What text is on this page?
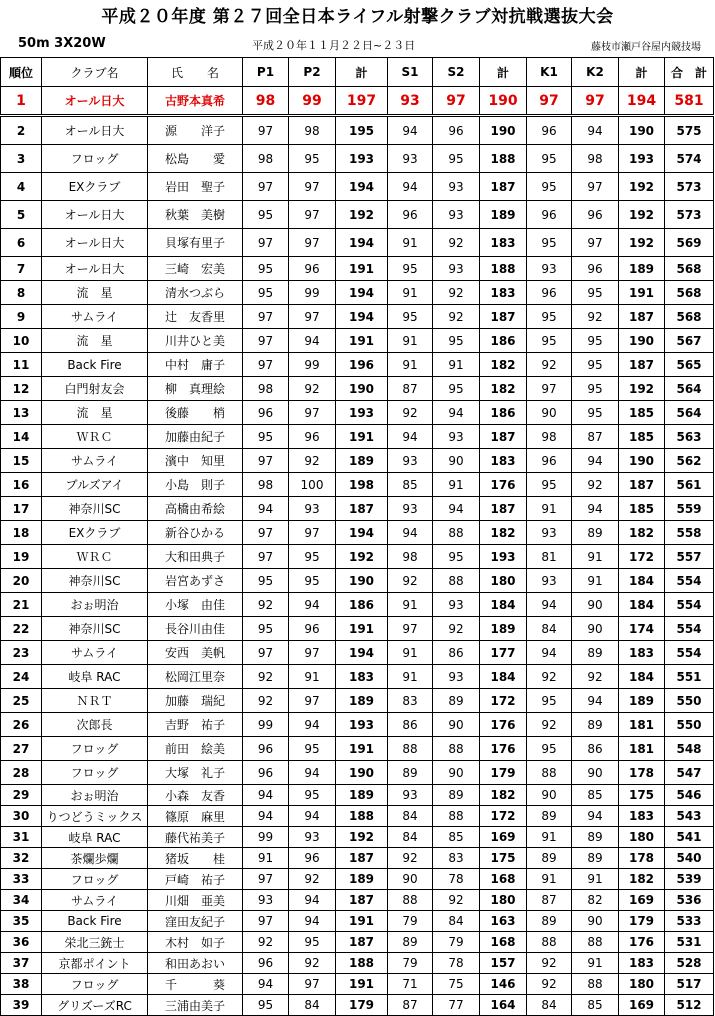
平成２０年度 第２７回全日本ライフル射撃クラブ対抗戦選抜大会
50m 3X20W	平成２０年１１月２２日~２３日	藤枝市瀬戸谷屋内競技場
順位	クラブ名	氏　　名	P1	P2	計	S1	S2	計	K1	K2	計	合　計
1	オール日大	古野本真希	98	99	197	93	97	190	97	97	194	581
2	オール日大	源　　洋子	97	98	195	94	96	190	96	94	190	575
3	フロッグ	松島　　愛	98	95	193	93	95	188	95	98	193	574
4	EXクラブ	岩田　聖子	97	97	194	94	93	187	95	97	192	573
5	オール日大	秋葉　美樹	95	97	192	96	93	189	96	96	192	573
6	オール日大	貝塚有里子	97	97	194	91	92	183	95	97	192	569
7	オール日大	三崎　宏美	95	96	191	95	93	188	93	96	189	568
8	流　星	清水つぶら	95	99	194	91	92	183	96	95	191	568
9	サムライ	辻　友香里	97	97	194	95	92	187	95	92	187	568
10	流　星	川井ひと美	97	94	191	91	95	186	95	95	190	567
11	Back Fire	中村　庸子	97	99	196	91	91	182	92	95	187	565
12	白門射友会	柳　真理絵	98	92	190	87	95	182	97	95	192	564
13	流　星	後藤　　梢	96	97	193	92	94	186	90	95	185	564
14	ＷＲＣ	加藤由紀子	95	96	191	94	93	187	98	87	185	563
15	サムライ	濱中　知里	97	92	189	93	90	183	96	94	190	562
16	ブルズアイ	小島　則子	98	100	198	85	91	176	95	92	187	561
17	神奈川SC	高橋由希絵	94	93	187	93	94	187	91	94	185	559
18	EXクラブ	新谷ひかる	97	97	194	94	88	182	93	89	182	558
19	ＷＲＣ	大和田典子	97	95	192	98	95	193	81	91	172	557
20	神奈川SC	岩宮あずさ	95	95	190	92	88	180	93	91	184	554
21	おぉ明治	小塚　由佳	92	94	186	91	93	184	94	90	184	554
22	神奈川SC	長谷川由佳	95	96	191	97	92	189	84	90	174	554
23	サムライ	安西　美帆	97	97	194	91	86	177	94	89	183	554
24	岐阜 RAC	松岡江里奈	92	91	183	91	93	184	92	92	184	551
25	ＮＲＴ	加藤　瑞紀	92	97	189	83	89	172	95	94	189	550
26	次郎長	吉野　祐子	99	94	193	86	90	176	92	89	181	550
27	フロッグ	前田　絵美	96	95	191	88	88	176	95	86	181	548
28	フロッグ	大塚　礼子	96	94	190	89	90	179	88	90	178	547
29	おぉ明治	小森　友香	94	95	189	93	89	182	90	85	175	546
30	りつどうミックス	篠原　麻里	94	94	188	84	88	172	89	94	183	543
31	岐阜 RAC	藤代祐美子	99	93	192	84	85	169	91	89	180	541
32	茶爛歩爛	猪坂　　桂	91	96	187	92	83	175	89	89	178	540
33	フロッグ	戸崎　祐子	97	92	189	90	78	168	91	91	182	539
34	サムライ	川畑　亜美	93	94	187	88	92	180	87	82	169	536
35	Back Fire	窪田友紀子	97	94	191	79	84	163	89	90	179	533
36	栄北三銃士	木村　如子	92	95	187	89	79	168	88	88	176	531
37	京都ポイント	和田あおい	96	92	188	79	78	157	92	91	183	528
38	フロッグ	千　　　葵	94	97	191	71	75	146	92	88	180	517
39	グリズーズRC	三浦由美子	95	84	179	87	77	164	84	85	169	512
